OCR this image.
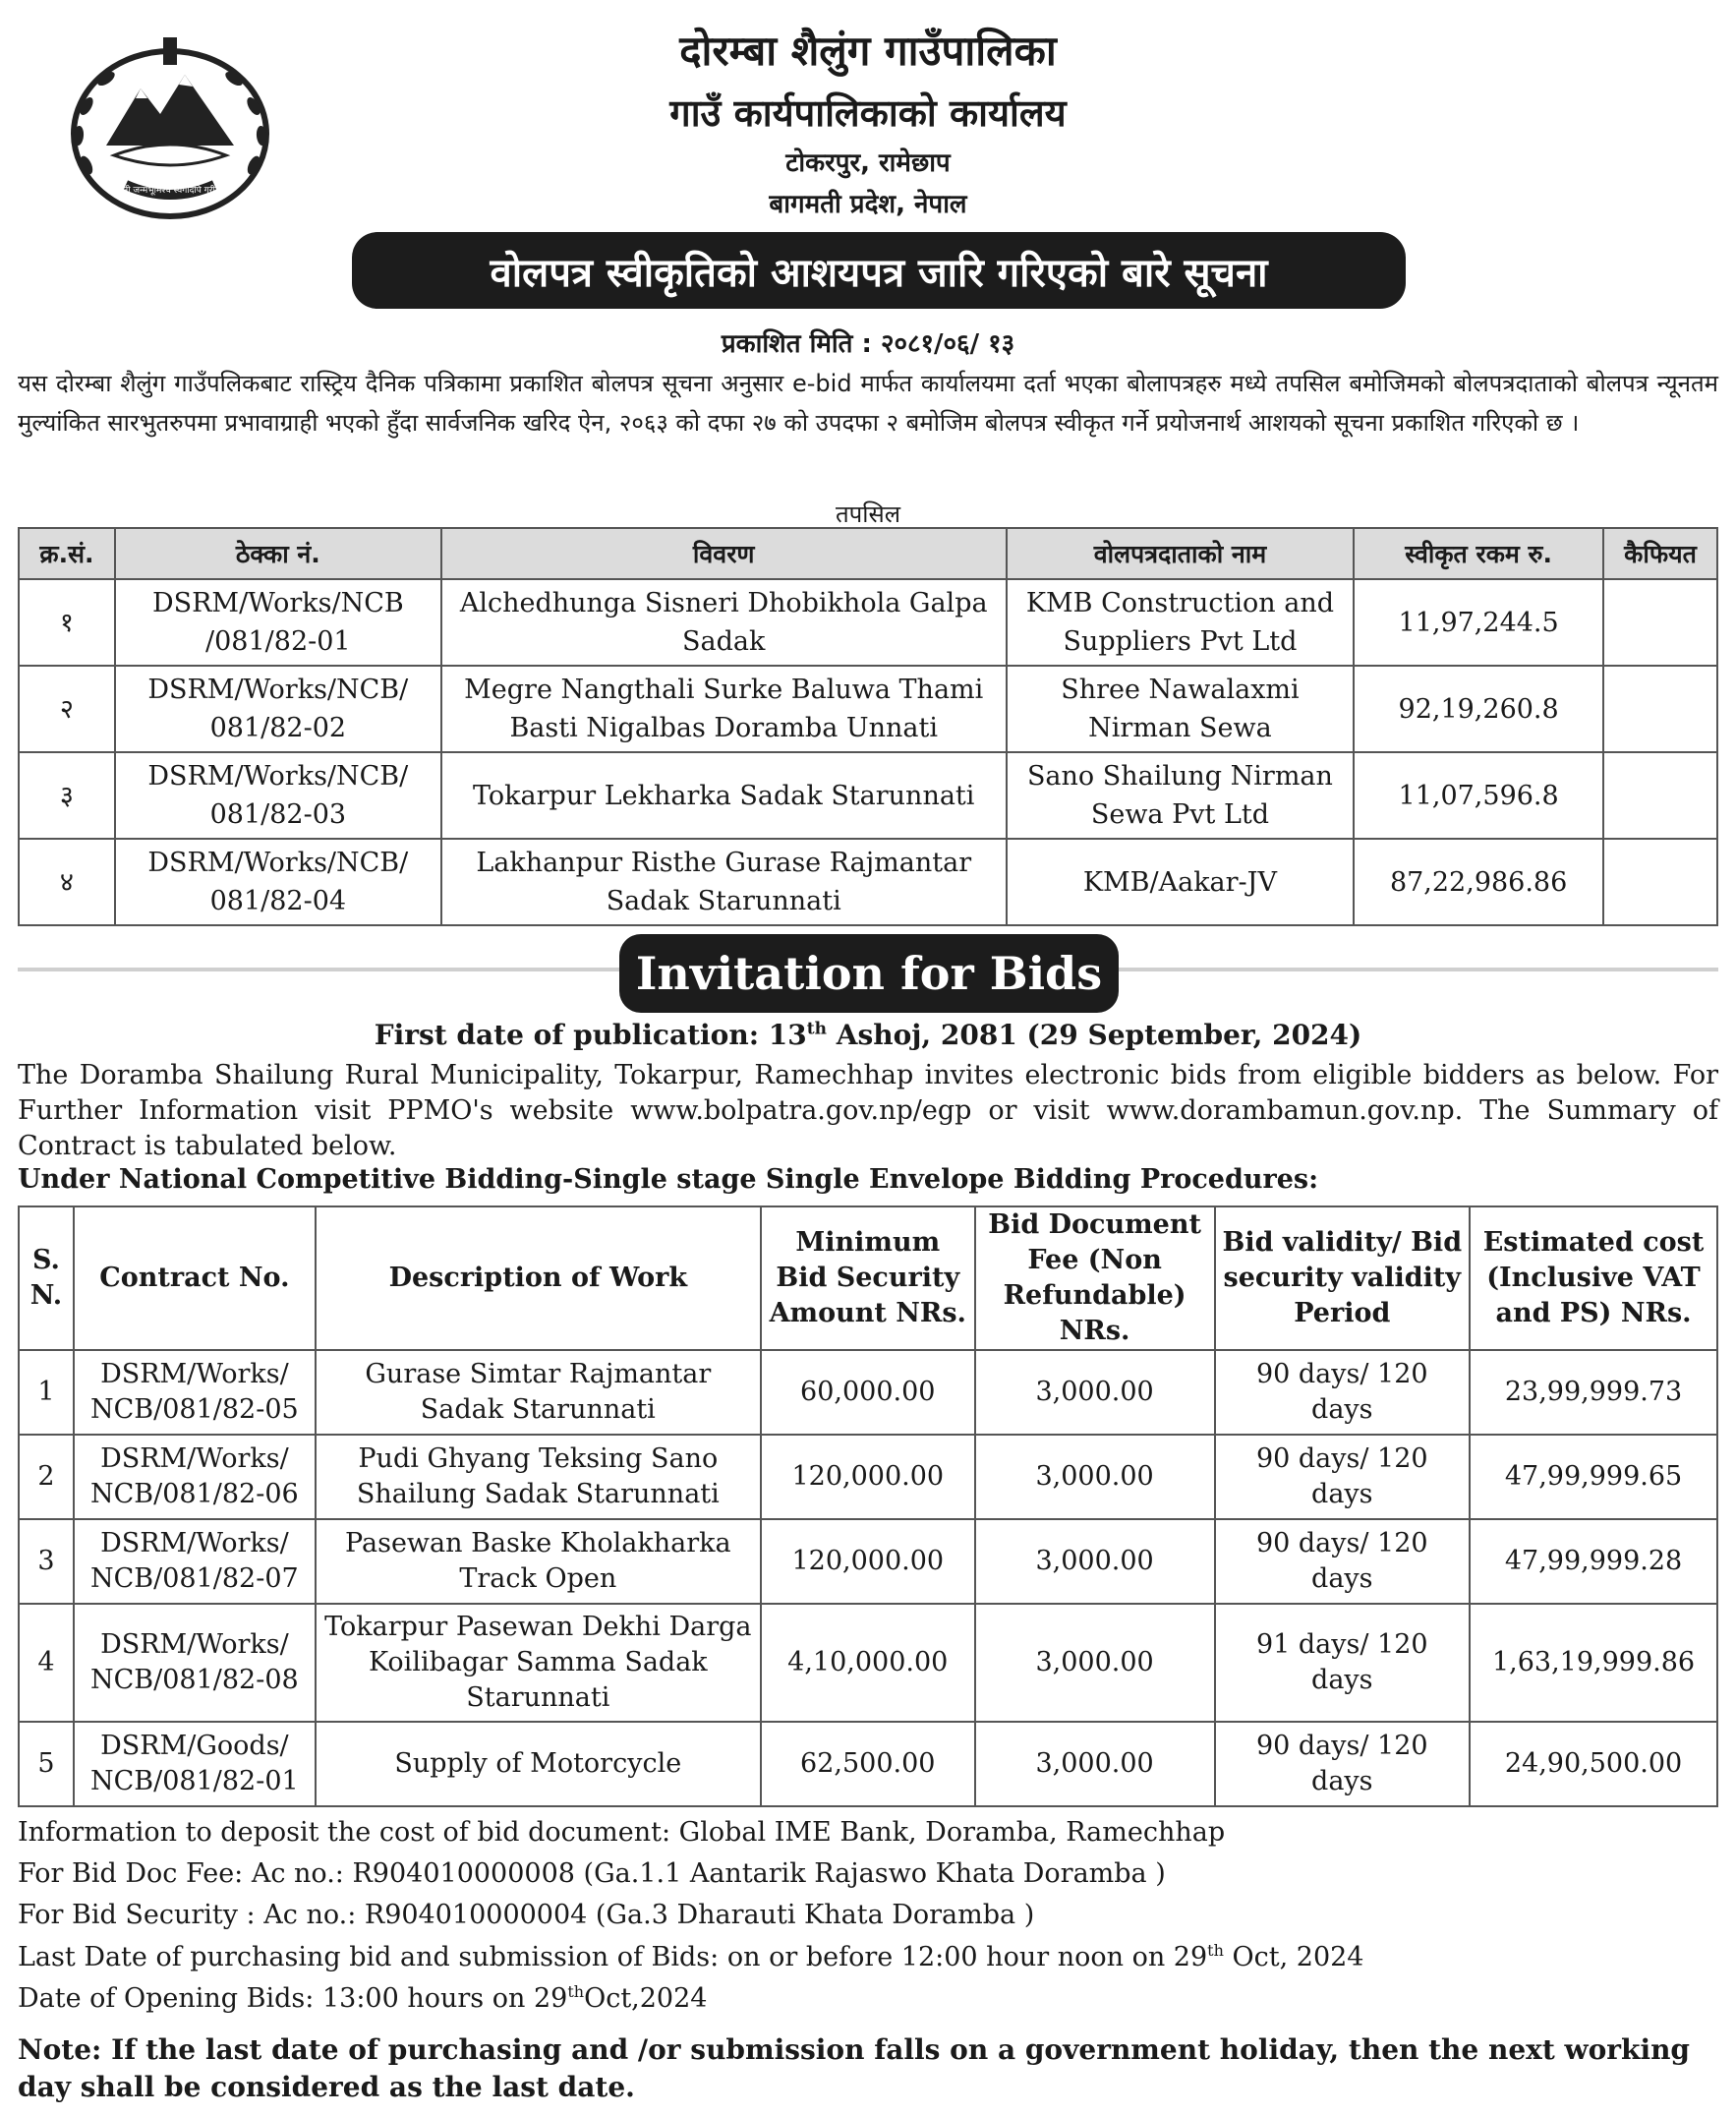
जननी जन्मभूमिश्च स्वर्गादपि गरीयसी
दोरम्बा शैलुंग गाउँपालिका
गाउँ कार्यपालिकाको कार्यालय
टोकरपुर, रामेछाप
बागमती प्रदेश, नेपाल
वोलपत्र स्वीकृतिको आशयपत्र जारि गरिएको बारे सूचना
प्रकाशित मिति : २०८१/०६/ १३
यस दोरम्बा शैलुंग गाउँपलिकबाट रास्ट्रिय दैनिक पत्रिकामा प्रकाशित बोलपत्र सूचना अनुसार e-bid मार्फत कार्यालयमा दर्ता भएका बोलापत्रहरु मध्ये तपसिल बमोजिमको बोलपत्रदाताको बोलपत्र न्यूनतम मुल्यांकित सारभुतरुपमा प्रभावाग्राही भएको हुँदा सार्वजनिक खरिद ऐन, २०६३ को दफा २७ को उपदफा २ बमोजिम बोलपत्र स्वीकृत गर्ने प्रयोजनार्थ आशयको सूचना प्रकाशित गरिएको छ ।
तपसिल
क्र.सं.	ठेक्का नं.	विवरण	वोलपत्रदाताको नाम	स्वीकृत रकम रु.	कैफियत
१	DSRM/Works/NCB /081/82-01	Alchedhunga Sisneri Dhobikhola Galpa Sadak	KMB Construction and Suppliers Pvt Ltd	11,97,244.5	
२	DSRM/Works/NCB/ 081/82-02	Megre Nangthali Surke Baluwa Thami Basti Nigalbas Doramba Unnati	Shree Nawalaxmi Nirman Sewa	92,19,260.8	
३	DSRM/Works/NCB/ 081/82-03	Tokarpur Lekharka Sadak Starunnati	Sano Shailung Nirman Sewa Pvt Ltd	11,07,596.8	
४	DSRM/Works/NCB/ 081/82-04	Lakhanpur Risthe Gurase Rajmantar Sadak Starunnati	KMB/Aakar-JV	87,22,986.86	
Invitation for Bids
First date of publication: 13th Ashoj, 2081 (29 September, 2024)
The Doramba Shailung Rural Municipality, Tokarpur, Ramechhap invites electronic bids from eligible bidders as below. For Further Information visit PPMO's website www.bolpatra.gov.np/egp or visit www.dorambamun.gov.np. The Summary of Contract is tabulated below.
Under National Competitive Bidding-Single stage Single Envelope Bidding Procedures:
S. N.	Contract No.	Description of Work	Minimum Bid Security Amount NRs.	Bid Document Fee (Non Refundable) NRs.	Bid validity/ Bid security validity Period	Estimated cost (Inclusive VAT and PS) NRs.
1	DSRM/Works/ NCB/081/82-05	Gurase Simtar Rajmantar Sadak Starunnati	60,000.00	3,000.00	90 days/ 120 days	23,99,999.73
2	DSRM/Works/ NCB/081/82-06	Pudi Ghyang Teksing Sano Shailung Sadak Starunnati	120,000.00	3,000.00	90 days/ 120 days	47,99,999.65
3	DSRM/Works/ NCB/081/82-07	Pasewan Baske Kholakharka Track Open	120,000.00	3,000.00	90 days/ 120 days	47,99,999.28
4	DSRM/Works/ NCB/081/82-08	Tokarpur Pasewan Dekhi Darga Koilibagar Samma Sadak Starunnati	4,10,000.00	3,000.00	91 days/ 120 days	1,63,19,999.86
5	DSRM/Goods/ NCB/081/82-01	Supply of Motorcycle	62,500.00	3,000.00	90 days/ 120 days	24,90,500.00
Information to deposit the cost of bid document: Global IME Bank, Doramba, Ramechhap
For Bid Doc Fee: Ac no.: R904010000008 (Ga.1.1 Aantarik Rajaswo Khata Doramba )
For Bid Security : Ac no.: R904010000004 (Ga.3 Dharauti Khata Doramba )
Last Date of purchasing bid and submission of Bids: on or before 12:00 hour noon on 29th Oct, 2024
Date of Opening Bids: 13:00 hours on 29thOct,2024
Note: If the last date of purchasing and /or submission falls on a government holiday, then the next working day shall be considered as the last date.
